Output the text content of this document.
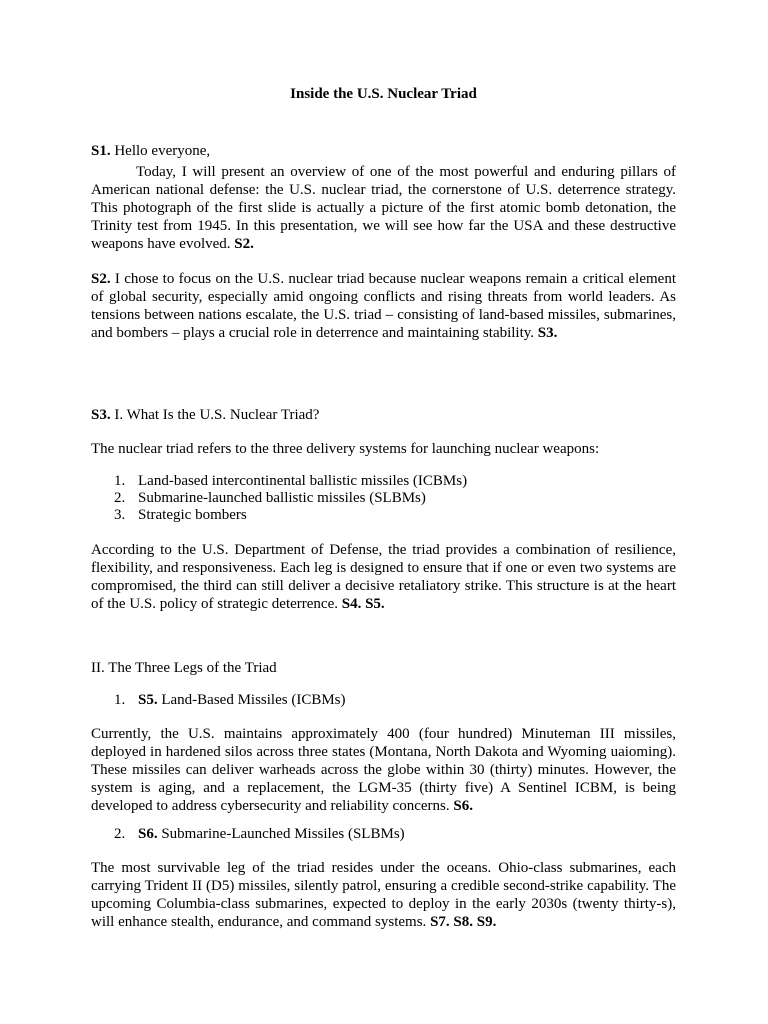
Inside the U.S. Nuclear Triad

S1. Hello everyone,

Today, I will present an overview of one of the most powerful and enduring pillars of American national defense: the U.S. nuclear triad, the cornerstone of U.S. deterrence strategy. This photograph of the first slide is actually a picture of the first atomic bomb detonation, the Trinity test from 1945. In this presentation, we will see how far the USA and these destructive weapons have evolved. S2.

S2. I chose to focus on the U.S. nuclear triad because nuclear weapons remain a critical element of global security, especially amid ongoing conflicts and rising threats from world leaders. As tensions between nations escalate, the U.S. triad – consisting of land-based missiles, submarines, and bombers – plays a crucial role in deterrence and maintaining stability. S3.

S3. I. What Is the U.S. Nuclear Triad?

The nuclear triad refers to the three delivery systems for launching nuclear weapons:

1. Land-based intercontinental ballistic missiles (ICBMs)
2. Submarine-launched ballistic missiles (SLBMs)
3. Strategic bombers

According to the U.S. Department of Defense, the triad provides a combination of resilience, flexibility, and responsiveness. Each leg is designed to ensure that if one or even two systems are compromised, the third can still deliver a decisive retaliatory strike. This structure is at the heart of the U.S. policy of strategic deterrence. S4. S5.

II. The Three Legs of the Triad

1. S5. Land-Based Missiles (ICBMs)

Currently, the U.S. maintains approximately 400 (four hundred) Minuteman III missiles, deployed in hardened silos across three states (Montana, North Dakota and Wyoming uaioming). These missiles can deliver warheads across the globe within 30 (thirty) minutes. However, the system is aging, and a replacement, the LGM-35 (thirty five) A Sentinel ICBM, is being developed to address cybersecurity and reliability concerns. S6.

2. S6. Submarine-Launched Missiles (SLBMs)

The most survivable leg of the triad resides under the oceans. Ohio-class submarines, each carrying Trident II (D5) missiles, silently patrol, ensuring a credible second-strike capability. The upcoming Columbia-class submarines, expected to deploy in the early 2030s (twenty thirty-s), will enhance stealth, endurance, and command systems. S7. S8. S9.
